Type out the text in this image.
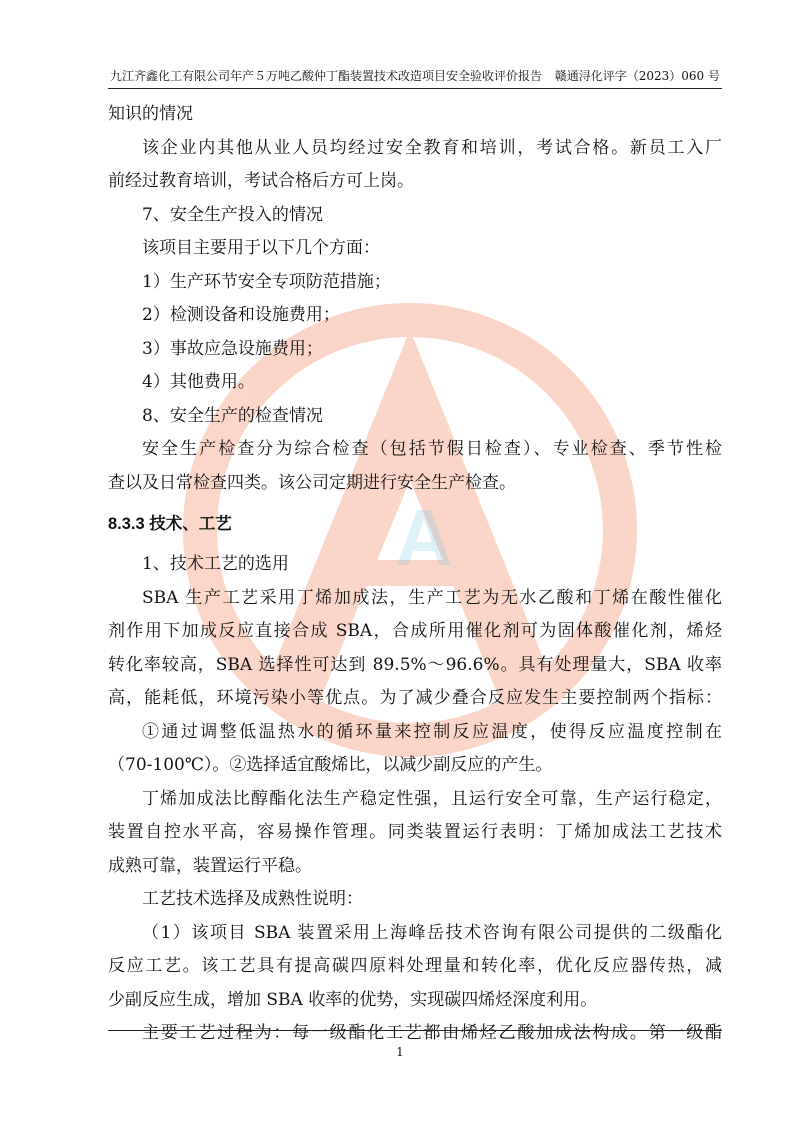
A
九江齐鑫化工有限公司年产５万吨乙酸仲丁酯装置技术改造项目安全验收评价报告 赣通浔化评字（2023）060 号
知识的情况
该企业内其他从业人员均经过安全教育和培训，考试合格。新员工入厂
前经过教育培训，考试合格后方可上岗。
7、安全生产投入的情况
该项目主要用于以下几个方面：
1）生产环节安全专项防范措施；
2）检测设备和设施费用；
3）事故应急设施费用；
4）其他费用。
8、安全生产的检查情况
安全生产检查分为综合检查（包括节假日检查）、专业检查、季节性检
查以及日常检查四类。该公司定期进行安全生产检查。
8.3.3 技术、工艺
1、技术工艺的选用
SBA 生产工艺采用丁烯加成法，生产工艺为无水乙酸和丁烯在酸性催化
剂作用下加成反应直接合成 SBA，合成所用催化剂可为固体酸催化剂，烯烃
转化率较高，SBA 选择性可达到 89.5%～96.6%。具有处理量大，SBA 收率
高，能耗低，环境污染小等优点。为了减少叠合反应发生主要控制两个指标：
①通过调整低温热水的循环量来控制反应温度，使得反应温度控制在
（70-100℃）。②选择适宜酸烯比，以减少副反应的产生。
丁烯加成法比醇酯化法生产稳定性强，且运行安全可靠，生产运行稳定，
装置自控水平高，容易操作管理。同类装置运行表明：丁烯加成法工艺技术
成熟可靠，装置运行平稳。
工艺技术选择及成熟性说明：
（1）该项目 SBA 装置采用上海峰岳技术咨询有限公司提供的二级酯化
反应工艺。该工艺具有提高碳四原料处理量和转化率，优化反应器传热，减
少副反应生成，增加 SBA 收率的优势，实现碳四烯烃深度利用。
主要工艺过程为：每一级酯化工艺都由烯烃乙酸加成法构成。第一级酯
1
